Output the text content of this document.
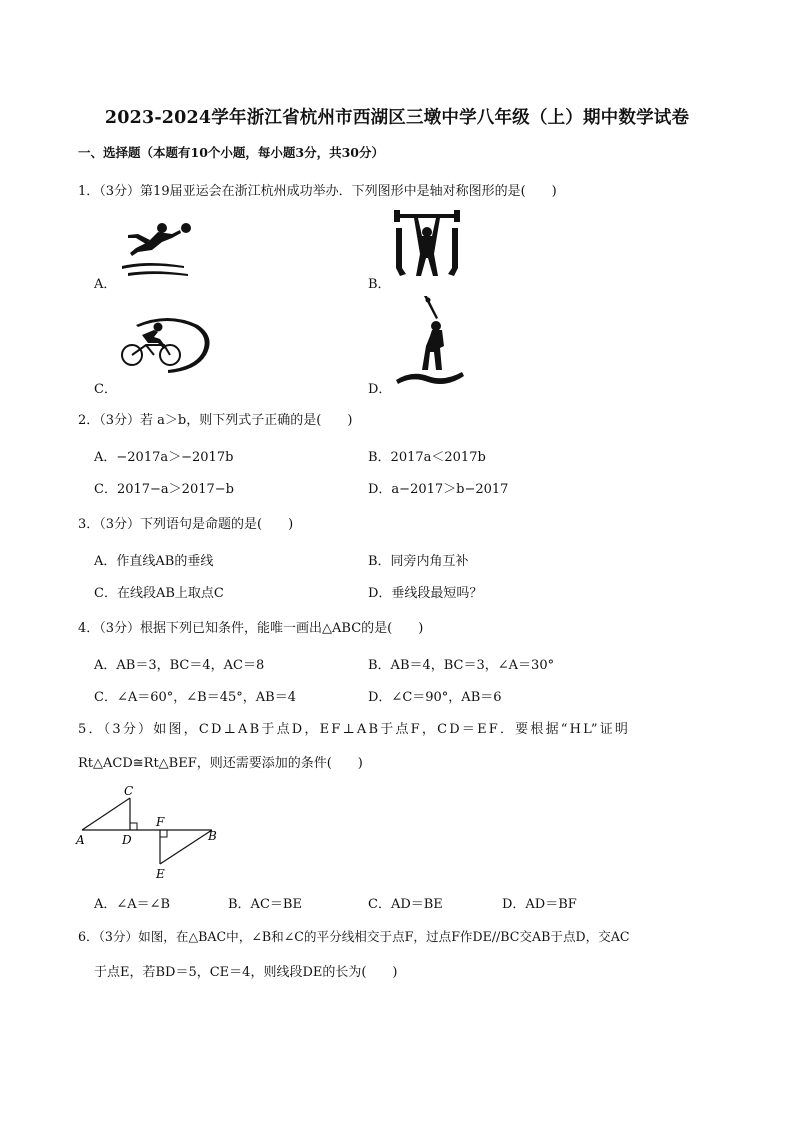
2023-2024学年浙江省杭州市西湖区三墩中学八年级（上）期中数学试卷
一、选择题（本题有10个小题，每小题3分，共30分）
1．（3分）第19届亚运会在浙江杭州成功举办．下列图形中是轴对称图形的是(　　)
A．	B．
C．	D．
2．（3分）若 a＞b，则下列式子正确的是(　　)
A．−2017a＞−2017b	B．2017a＜2017b
C．2017−a＞2017−b	D．a−2017＞b−2017
3．（3分）下列语句是命题的是(　　)
A．作直线AB的垂线	B．同旁内角互补
C．在线段AB上取点C	D．垂线段最短吗？
4．（3分）根据下列已知条件，能唯一画出△ABC的是(　　)
A．AB＝3，BC＝4，AC＝8	B．AB＝4，BC＝3，∠A＝30°
C．∠A＝60°，∠B＝45°，AB＝4	D．∠C＝90°，AB＝6
5．（3分）如图，CD⊥AB于点D，EF⊥AB于点F，CD＝EF．要根据“HL”证明
Rt△ACD≅Rt△BEF，则还需要添加的条件(　　)
C
A	D
F
B
E
A．∠A＝∠B	B．AC＝BE	C．AD＝BE	D．AD＝BF
6．（3分）如图，在△BAC中，∠B和∠C的平分线相交于点F，过点F作DE//BC交AB于点D，交AC
于点E，若BD＝5，CE＝4，则线段DE的长为(　　)
